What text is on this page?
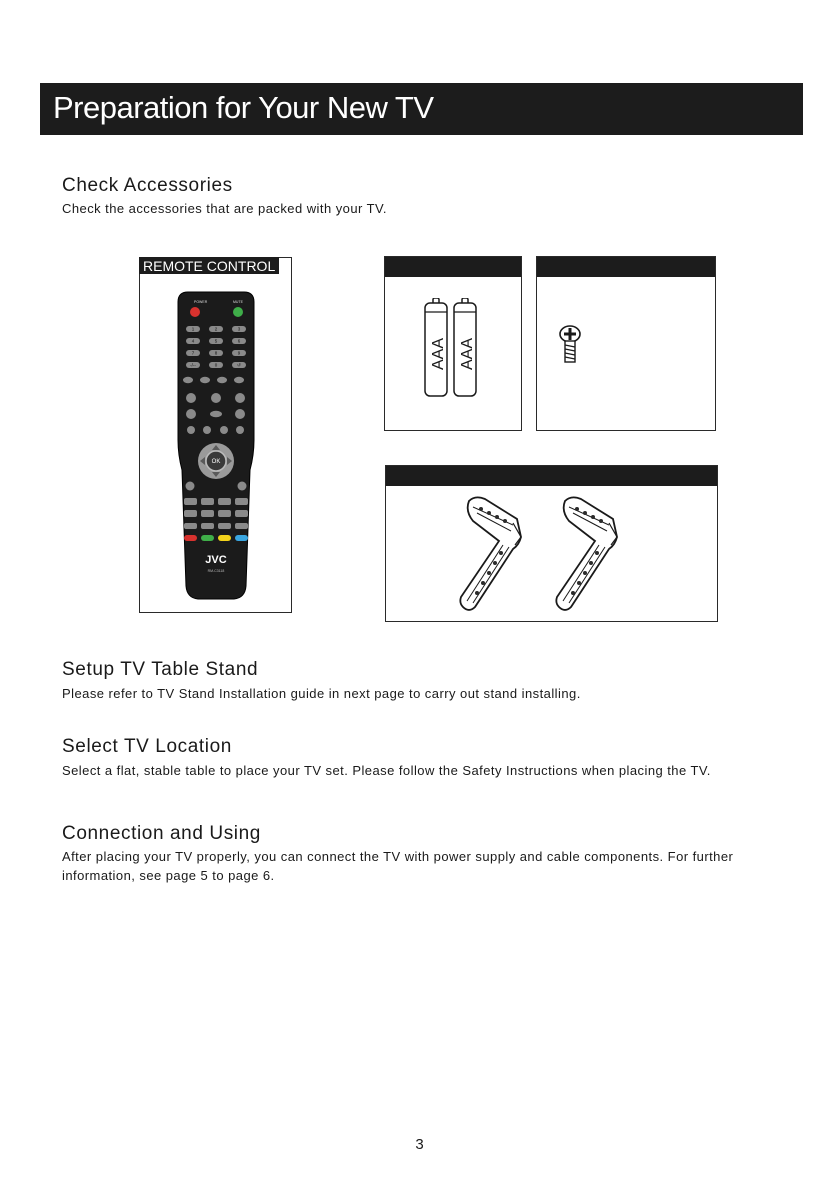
Preparation for Your New TV
Check Accessories
Check the accessories that are packed with your TV.
REMOTE CONTROL
POWER	MUTE
1	2	3
4	5	6
7	8	9
-/--	0	↺
OK
JVC
RM-C3118
AAA AAA
Setup TV Table Stand
Please refer to TV Stand Installation guide in next page to carry out stand installing.
Select TV Location
Select a flat, stable table to place your TV set. Please follow the Safety Instructions when placing the TV.
Connection and Using
After placing your TV properly, you can connect the TV with power supply and cable components. For further information, see page 5 to page 6.
3
